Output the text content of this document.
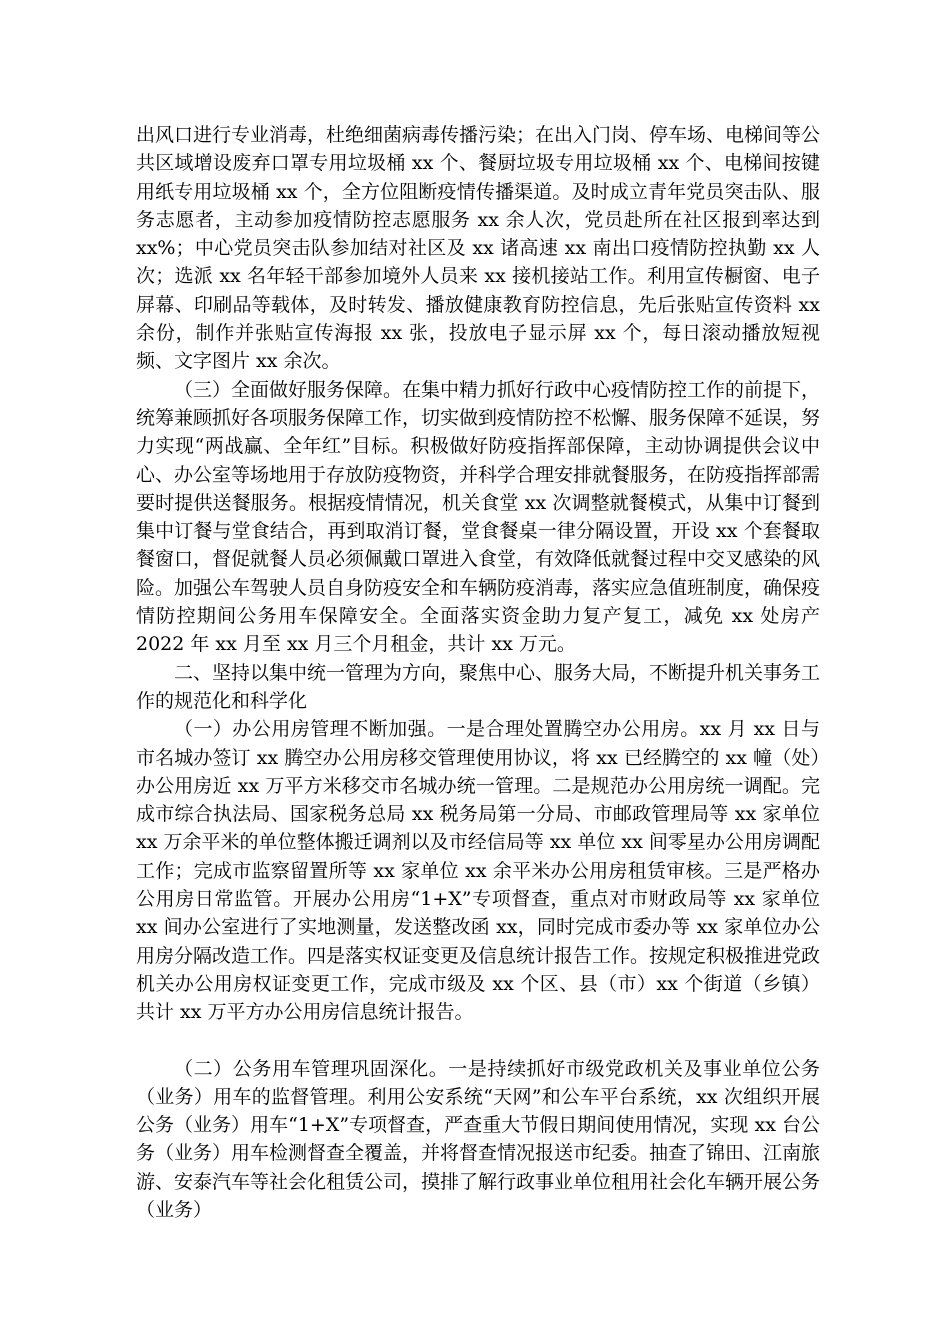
出风口进行专业消毒，杜绝细菌病毒传播污染；在出入门岗、停车场、电梯间等公共区域增设废弃口罩专用垃圾桶 xx 个、餐厨垃圾专用垃圾桶 xx 个、电梯间按键用纸专用垃圾桶 xx 个，全方位阻断疫情传播渠道。及时成立青年党员突击队、服务志愿者，主动参加疫情防控志愿服务 xx 余人次，党员赴所在社区报到率达到 xx%；中心党员突击队参加结对社区及 xx 诸高速 xx 南出口疫情防控执勤 xx 人次；选派 xx 名年轻干部参加境外人员来 xx 接机接站工作。利用宣传橱窗、电子屏幕、印刷品等载体，及时转发、播放健康教育防控信息，先后张贴宣传资料 xx 余份，制作并张贴宣传海报 xx 张，投放电子显示屏 xx 个，每日滚动播放短视频、文字图片 xx 余次。

（三）全面做好服务保障。在集中精力抓好行政中心疫情防控工作的前提下，统筹兼顾抓好各项服务保障工作，切实做到疫情防控不松懈、服务保障不延误，努力实现“两战赢、全年红”目标。积极做好防疫指挥部保障，主动协调提供会议中心、办公室等场地用于存放防疫物资，并科学合理安排就餐服务，在防疫指挥部需要时提供送餐服务。根据疫情情况，机关食堂 xx 次调整就餐模式，从集中订餐到集中订餐与堂食结合，再到取消订餐，堂食餐桌一律分隔设置，开设 xx 个套餐取餐窗口，督促就餐人员必须佩戴口罩进入食堂，有效降低就餐过程中交叉感染的风险。加强公车驾驶人员自身防疫安全和车辆防疫消毒，落实应急值班制度，确保疫情防控期间公务用车保障安全。全面落实资金助力复产复工，减免 xx 处房产 2022 年 xx 月至 xx 月三个月租金，共计 xx 万元。

二、坚持以集中统一管理为方向，聚焦中心、服务大局，不断提升机关事务工作的规范化和科学化

（一）办公用房管理不断加强。一是合理处置腾空办公用房。xx 月 xx 日与市名城办签订 xx 腾空办公用房移交管理使用协议，将 xx 已经腾空的 xx 幢（处）办公用房近 xx 万平方米移交市名城办统一管理。二是规范办公用房统一调配。完成市综合执法局、国家税务总局 xx 税务局第一分局、市邮政管理局等 xx 家单位 xx 万余平米的单位整体搬迁调剂以及市经信局等 xx 单位 xx 间零星办公用房调配工作；完成市监察留置所等 xx 家单位 xx 余平米办公用房租赁审核。三是严格办公用房日常监管。开展办公用房“1+X”专项督查，重点对市财政局等 xx 家单位 xx 间办公室进行了实地测量，发送整改函 xx，同时完成市委办等 xx 家单位办公用房分隔改造工作。四是落实权证变更及信息统计报告工作。按规定积极推进党政机关办公用房权证变更工作，完成市级及 xx 个区、县（市）xx 个街道（乡镇）共计 xx 万平方办公用房信息统计报告。

（二）公务用车管理巩固深化。一是持续抓好市级党政机关及事业单位公务（业务）用车的监督管理。利用公安系统“天网”和公车平台系统，xx 次组织开展公务（业务）用车“1+X”专项督查，严查重大节假日期间使用情况，实现 xx 台公务（业务）用车检测督查全覆盖，并将督查情况报送市纪委。抽查了锦田、江南旅游、安泰汽车等社会化租赁公司，摸排了解行政事业单位租用社会化车辆开展公务（业务）
